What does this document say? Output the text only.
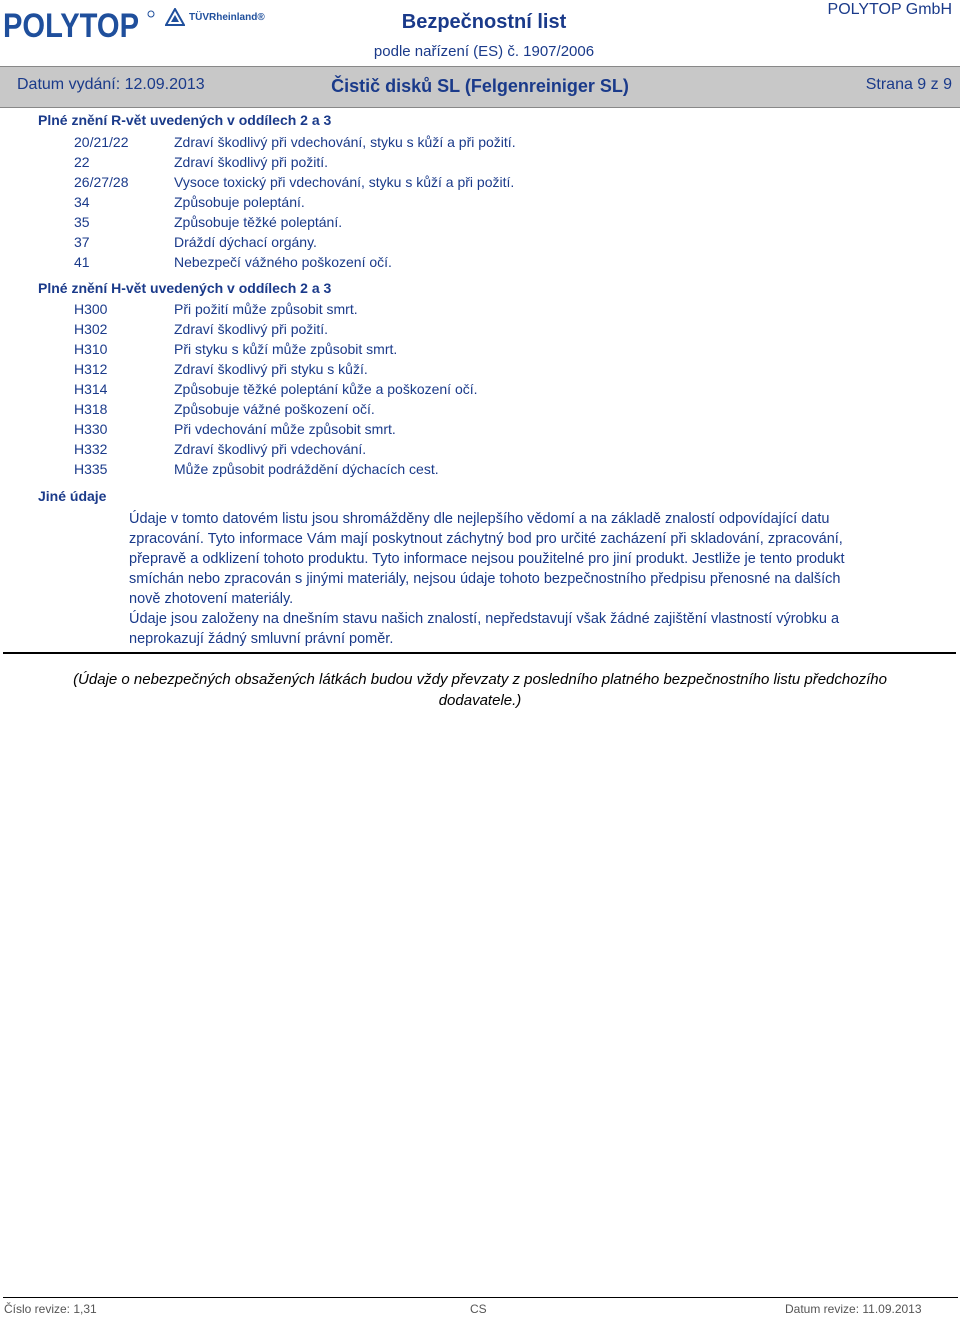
POLYTOP	TÜVRheinland®	Bezpečnostní list
podle nařízení (ES) č. 1907/2006
POLYTOP GmbH
Datum vydání: 12.09.2013	Čistič disků SL (Felgenreiniger SL)	Strana 9 z 9
Plné znění R-vět uvedených v oddílech 2 a 3
20/21/22	Zdraví škodlivý při vdechování, styku s kůží a při požití.
22	Zdraví škodlivý při požití.
26/27/28	Vysoce toxický při vdechování, styku s kůží a při požití.
34	Způsobuje poleptání.
35	Způsobuje těžké poleptání.
37	Dráždí dýchací orgány.
41	Nebezpečí vážného poškození očí.
Plné znění H-vět uvedených v oddílech 2 a 3
H300	Při požití může způsobit smrt.
H302	Zdraví škodlivý při požití.
H310	Při styku s kůží může způsobit smrt.
H312	Zdraví škodlivý při styku s kůží.
H314	Způsobuje těžké poleptání kůže a poškození očí.
H318	Způsobuje vážné poškození očí.
H330	Při vdechování může způsobit smrt.
H332	Zdraví škodlivý při vdechování.
H335	Může způsobit podráždění dýchacích cest.
Jiné údaje

Údaje v tomto datovém listu jsou shromážděny dle nejlepšího vědomí a na základě znalostí odpovídající datu zpracování. Tyto informace Vám mají poskytnout záchytný bod pro určité zacházení při skladování, zpracování, přepravě a odklizení tohoto produktu. Tyto informace nejsou použitelné pro jiní produkt. Jestliže je tento produkt smíchán nebo zpracován s jinými materiály, nejsou údaje tohoto bezpečnostního předpisu přenosné na dalších nově zhotovení materiály.

Údaje jsou založeny na dnešním stavu našich znalostí, nepředstavují však žádné zajištění vlastností výrobku a neprokazují žádný smluvní právní poměr.

(Údaje o nebezpečných obsažených látkách budou vždy převzaty z posledního platného bezpečnostního listu předchozího dodavatele.)
Číslo revize: 1,31	CS	Datum revize: 11.09.2013
